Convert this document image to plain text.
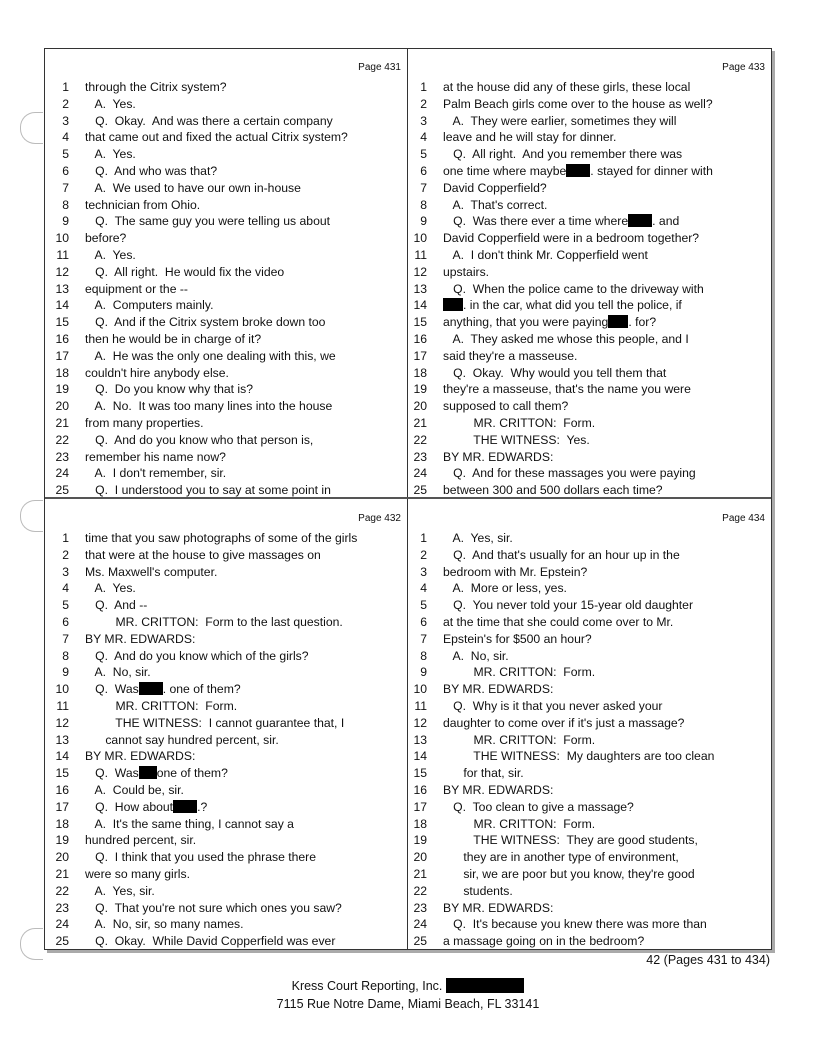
Page 431
1 through the Citrix system?
2 A.  Yes.
3 Q.  Okay.  And was there a certain company
4 that came out and fixed the actual Citrix system?
5 A.  Yes.
6 Q.  And who was that?
7 A.  We used to have our own in-house
8 technician from Ohio.
9 Q.  The same guy you were telling us about
10 before?
11 A.  Yes.
12 Q.  All right.  He would fix the video
13 equipment or the --
14 A.  Computers mainly.
15 Q.  And if the Citrix system broke down too
16 then he would be in charge of it?
17 A.  He was the only one dealing with this, we
18 couldn't hire anybody else.
19 Q.  Do you know why that is?
20 A.  No.  It was too many lines into the house
21 from many properties.
22 Q.  And do you know who that person is,
23 remember his name now?
24 A.  I don't remember, sir.
25 Q.  I understood you to say at some point in
Page 433
1 at the house did any of these girls, these local
2 Palm Beach girls come over to the house as well?
3 A.  They were earlier, sometimes they will
4 leave and he will stay for dinner.
5 Q.  All right.  And you remember there was
6 one time where maybe . stayed for dinner with
7 David Copperfield?
8 A.  That's correct.
9 Q.  Was there ever a time where . and
10 David Copperfield were in a bedroom together?
11 A.  I don't think Mr. Copperfield went
12 upstairs.
13 Q.  When the police came to the driveway with
14	. in the car, what did you tell the police, if
15 anything, that you were paying . for?
16 A.  They asked me whose this people, and I
17 said they're a masseuse.
18 Q.  Okay.  Why would you tell them that
19 they're a masseuse, that's the name you were
20 supposed to call them?
21 MR. CRITTON:  Form.
22 THE WITNESS:  Yes.
23 BY MR. EDWARDS:
24 Q.  And for these massages you were paying
25 between 300 and 500 dollars each time?
Page 432
1 time that you saw photographs of some of the girls
2 that were at the house to give massages on
3 Ms. Maxwell's computer.
4 A.  Yes.
5 Q.  And --
6 MR. CRITTON:  Form to the last question.
7 BY MR. EDWARDS:
8 Q.  And do you know which of the girls?
9 A.  No, sir.
10 Q.  Was . one of them?
11 MR. CRITTON:  Form.
12 THE WITNESS:  I cannot guarantee that, I
13 cannot say hundred percent, sir.
14 BY MR. EDWARDS:
15 Q.  Was one of them?
16 A.  Could be, sir.
17 Q.  How about .?
18 A.  It's the same thing, I cannot say a
19 hundred percent, sir.
20 Q.  I think that you used the phrase there
21 were so many girls.
22 A.  Yes, sir.
23 Q.  That you're not sure which ones you saw?
24 A.  No, sir, so many names.
25 Q.  Okay.  While David Copperfield was ever
Page 434
1 A.  Yes, sir.
2 Q.  And that's usually for an hour up in the
3 bedroom with Mr. Epstein?
4 A.  More or less, yes.
5 Q.  You never told your 15-year old daughter
6 at the time that she could come over to Mr.
7 Epstein's for $500 an hour?
8 A.  No, sir.
9 MR. CRITTON:  Form.
10 BY MR. EDWARDS:
11 Q.  Why is it that you never asked your
12 daughter to come over if it's just a massage?
13 MR. CRITTON:  Form.
14 THE WITNESS:  My daughters are too clean
15 for that, sir.
16 BY MR. EDWARDS:
17 Q.  Too clean to give a massage?
18 MR. CRITTON:  Form.
19 THE WITNESS:  They are good students,
20 they are in another type of environment,
21 sir, we are poor but you know, they're good
22 students.
23 BY MR. EDWARDS:
24 Q.  It's because you knew there was more than
25 a massage going on in the bedroom?
42 (Pages 431 to 434)
Kress Court Reporting, Inc.
7115 Rue Notre Dame, Miami Beach, FL 33141
